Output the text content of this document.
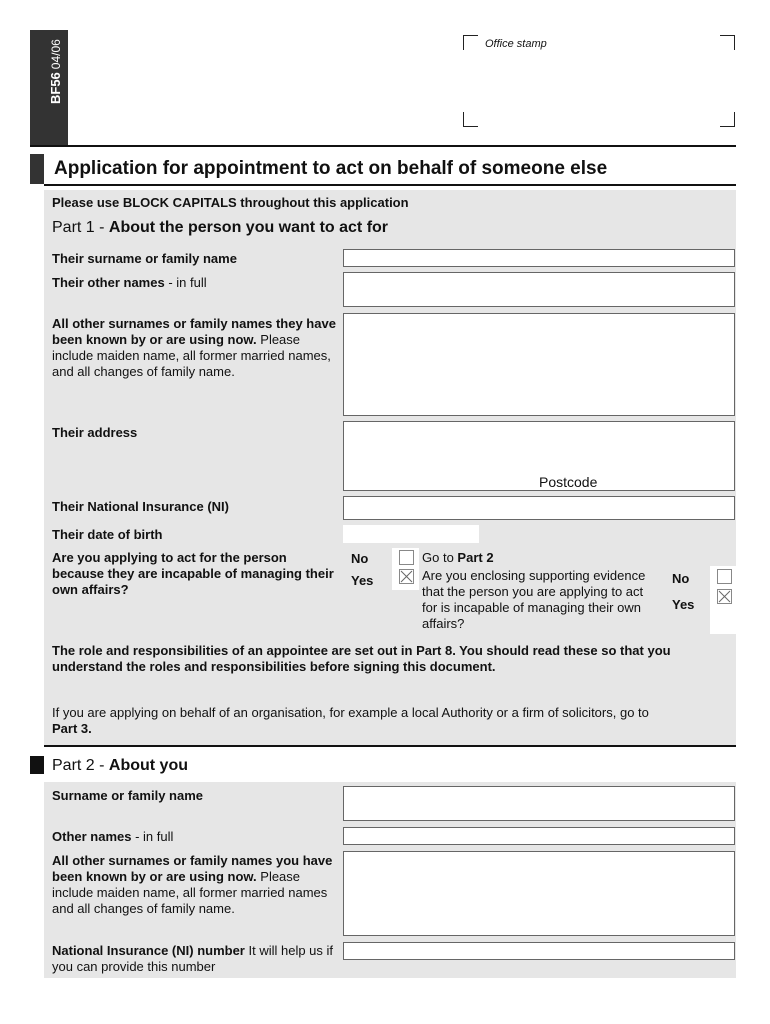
BF5604/06	Office stamp
Application for appointment to act on behalf of someone else
Please use BLOCK CAPITALS throughout this application
Part 1 - About the person you want to act for
Their surname or family name
Their other names - in full
All other surnames or family names they have been known by or are using now. Please include maiden name, all former married names, and all changes of family name.
Their address
Postcode
Their National Insurance (NI)
Their date of birth
Are you applying to act for the person because they are incapable of managing their own affairs?
No
Yes
Go to Part 2
Are you enclosing supporting evidence that the person you are applying to act for is incapable of managing their own affairs?
No
Yes
The role and responsibilities of an appointee are set out in Part 8. You should read these so that you understand the roles and responsibilities before signing this document.
If you are applying on behalf of an organisation, for example a local Authority or a firm of solicitors, go to Part 3.
Part 2 - About you
Surname or family name
Other names - in full
All other surnames or family names you have been known by or are using now. Please include maiden name, all former married names and all changes of family name.
National Insurance (NI) number It will help us if you can provide this number
